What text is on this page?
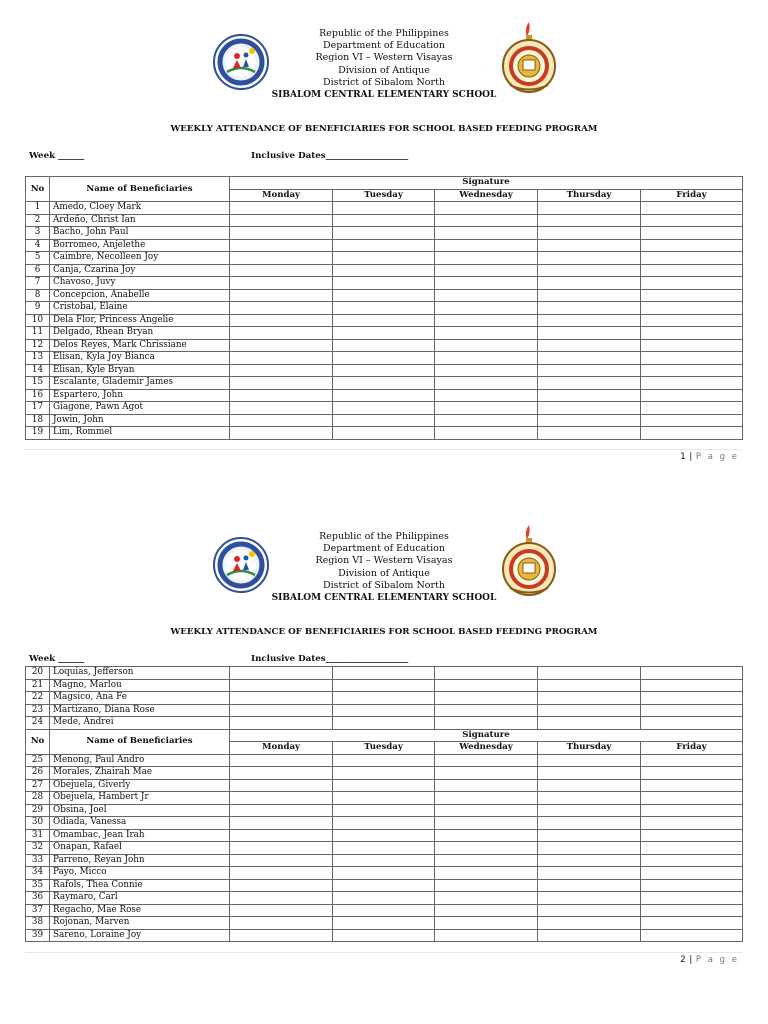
Republic of the Philippines
Department of Education
Region VI – Western Visayas
Division of Antique
District of Sibalom North
SIBALOM CENTRAL ELEMENTARY SCHOOL
WEEKLY ATTENDANCE OF BENEFICIARIES FOR SCHOOL BASED FEEDING PROGRAM
Week ______	Inclusive Dates___________________
No	Name of Beneficiaries	Signature				
		Monday	Tuesday	Wednesday	Thursday	Friday
1	Amedo, Cloey Mark					
2	Ardeño, Christ Ian					
3	Bacho, John Paul					
4	Borromeo, Anjelethe					
5	Caimbre, Necolleen Joy					
6	Canja, Czarina Joy					
7	Chavoso, Juvy					
8	Concepcion, Anabelle					
9	Cristobal, Elaine					
10	Dela Flor, Princess Angelie					
11	Delgado, Rhean Bryan					
12	Delos Reyes, Mark Chrissiane					
13	Elisan, Kyla Joy Bianca					
14	Elisan, Kyle Bryan					
15	Escalante, Glademir James					
16	Espartero, John					
17	Giagone, Pawn Agot					
18	Jowin, John					
19	Lim, Rommel					
1 | P a g e
Republic of the Philippines
Department of Education
Region VI – Western Visayas
Division of Antique
District of Sibalom North
SIBALOM CENTRAL ELEMENTARY SCHOOL
WEEKLY ATTENDANCE OF BENEFICIARIES FOR SCHOOL BASED FEEDING PROGRAM
Week ______	Inclusive Dates___________________
20	Loquias, Jefferson					
21	Magno, Marlou					
22	Magsico, Ana Fe					
23	Martizano, Diana Rose					
24	Mede, Andrei					
No	Name of Beneficiaries	Signature				
		Monday	Tuesday	Wednesday	Thursday	Friday
25	Menong, Paul Andro					
26	Morales, Zhairah Mae					
27	Obejuela, Giverly					
28	Obejuela, Hambert Jr					
29	Obsina, Joel					
30	Odiada, Vanessa					
31	Omambac, Jean Irah					
32	Onapan, Rafael					
33	Parreno, Reyan John					
34	Payo, Micco					
35	Rafols, Thea Connie					
36	Raymaro, Carl					
37	Regacho, Mae Rose					
38	Rojonan, Marven					
39	Sareno, Loraine Joy					
2 | P a g e
